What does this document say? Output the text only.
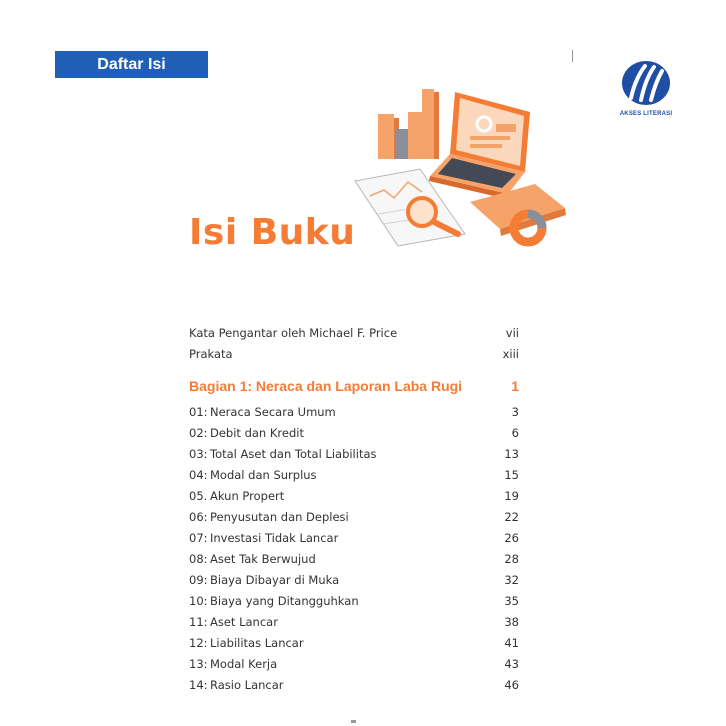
Daftar Isi
AKSES LITERASI
Isi Buku
Kata Pengantar oleh Michael F. Price	vii
Prakata	xiii
Bagian 1: Neraca dan Laporan Laba Rugi	1
01: Neraca Secara Umum	3
02: Debit dan Kredit	6
03: Total Aset dan Total Liabilitas	13
04: Modal dan Surplus	15
05. Akun Propert	19
06: Penyusutan dan Deplesi	22
07: Investasi Tidak Lancar	26
08: Aset Tak Berwujud	28
09: Biaya Dibayar di Muka	32
10: Biaya yang Ditangguhkan	35
11: Aset Lancar	38
12: Liabilitas Lancar	41
13: Modal Kerja	43
14: Rasio Lancar	46
